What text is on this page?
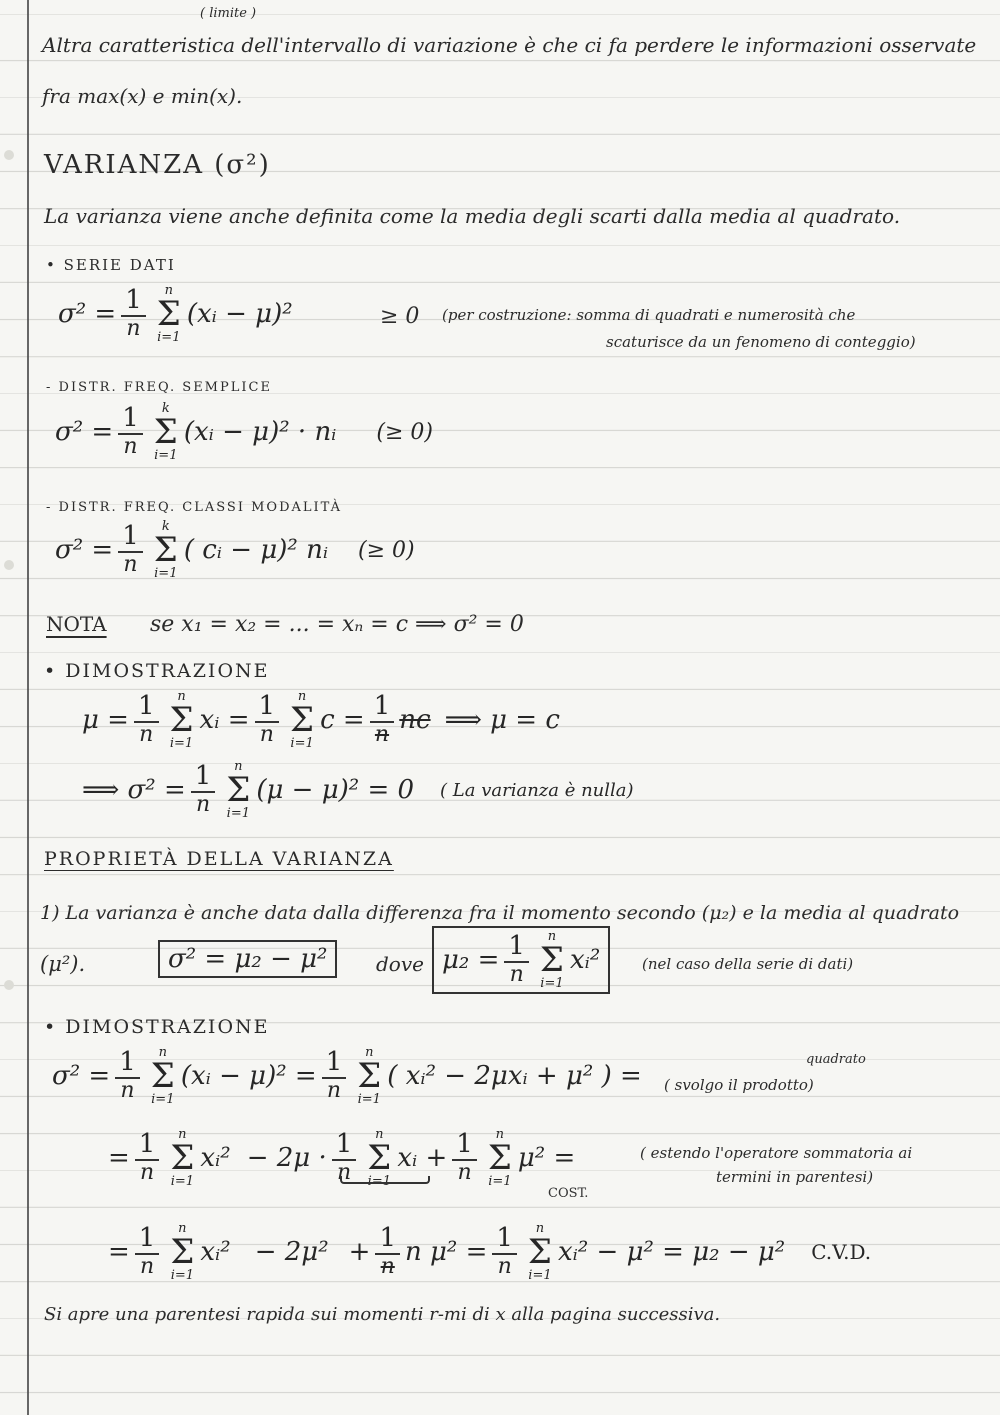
( limite )
Altra caratteristica dell'intervallo di variazione è che ci fa perdere le informazioni osservate
fra max(x) e min(x).
VARIANZA (σ²)
La varianza viene anche definita come la media degli scarti dalla media al quadrato.
• SERIE DATI
$\sigma^2 = \frac{1}{n}$ n
Σ
i=1
(xᵢ − μ)²	≥ 0 (per costruzione: somma di quadrati e numerosità che
scaturisce da un fenomeno di conteggio)
- DISTR. FREQ. SEMPLICE
$\sigma^2 = \frac{1}{n}$ k
Σ
i=1
(xᵢ − μ)² · nᵢ (≥ 0)
- DISTR. FREQ. CLASSI MODALITÀ
$\sigma^2 = \frac{1}{n}$ k
Σ
i=1
( cᵢ − μ)² nᵢ (≥ 0)
NOTA se x₁ = x₂ = ... = xₙ = c ⟹ σ² = 0
• DIMOSTRAZIONE
$\mu = \frac{1}{n}$ n
Σ
i=1
xᵢ = $\frac{1}{n}$ n
Σ
i=1
$c = \frac{1}{n}$ nc ⟹ μ = c
⟹ $\sigma^2 = \frac{1}{n}$ n
Σ
i=1
(μ − μ)² = 0 ( La varianza è nulla)
PROPRIETÀ DELLA VARIANZA
1) La varianza è anche data dalla differenza fra il momento secondo (μ₂) e la media al quadrato
(μ²).	σ² = μ₂ − μ²	dove $\mu_2 = \frac{1}{n}$ n
Σ
i=1
xᵢ²	(nel caso della serie di dati)
• DIMOSTRAZIONE
$\sigma^2 = \frac{1}{n}$ n
Σ
i=1
(xᵢ − $\mu)^2 = \frac{1}{n}$ n
Σ
i=1
( xᵢ² − 2μxᵢ + μ² ) =
quadrato
( svolgo il prodotto)
= $\frac{1}{n}$ n
Σ
i=1
xᵢ² − $2\mu \cdot \frac{1}{n}$ n
Σ
i=1
xᵢ + $\frac{1}{n}$ n
Σ
i=1
μ² =
COST.
( estendo l'operatore sommatoria ai
termini in parentesi)
= $\frac{1}{n}$ n
Σ
i=1
xᵢ² − $2\mu^2 + \frac{1}{n}$ n $\mu^2 = \frac{1}{n}$ n
Σ
i=1
xᵢ² − μ² = μ₂ − μ² C.V.D.
Si apre una parentesi rapida sui momenti r-mi di x alla pagina successiva.
